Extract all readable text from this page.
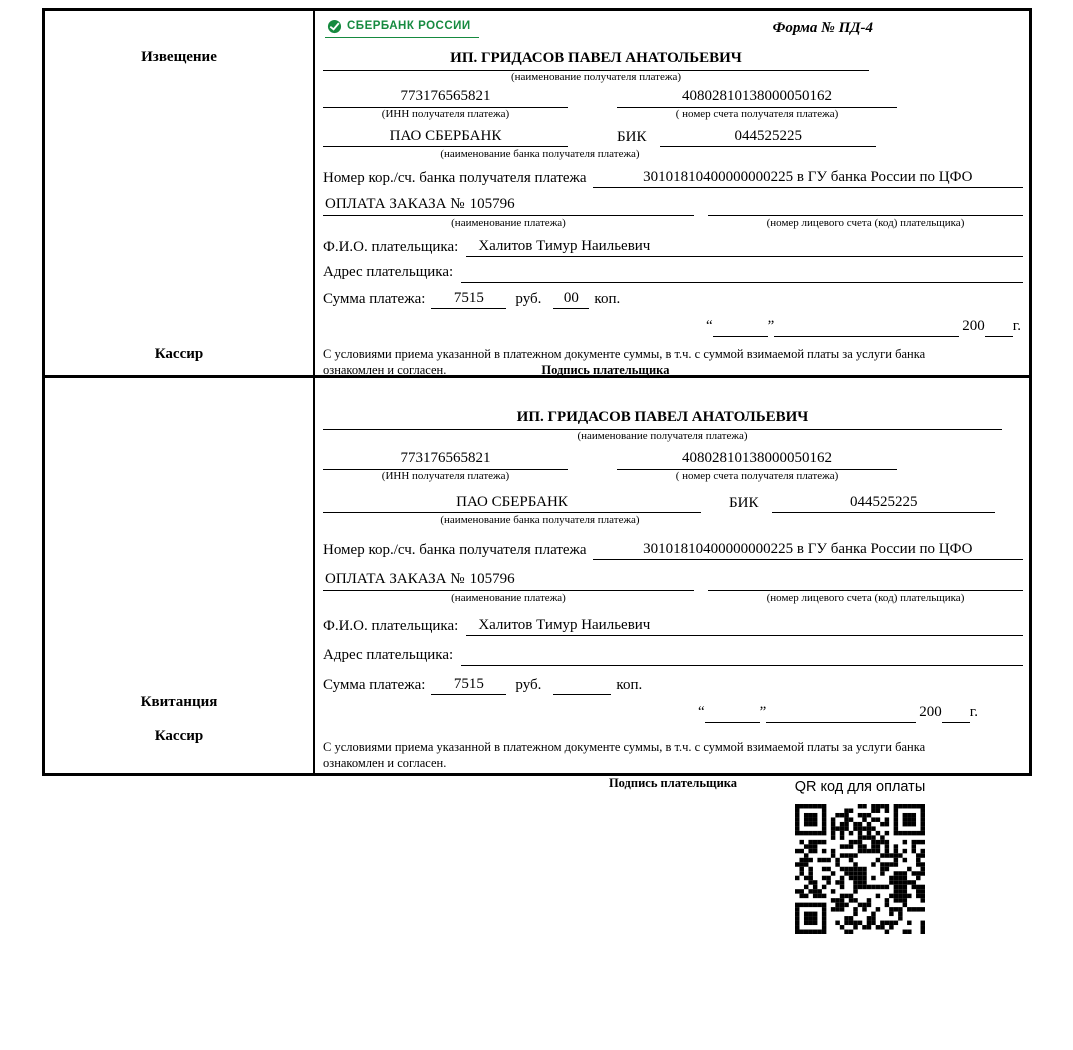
Извещение
Кассир
СБЕРБАНК РОССИИ	Форма № ПД-4
ИП. ГРИДАСОВ ПАВЕЛ АНАТОЛЬЕВИЧ
(наименование получателя платежа)
773176565821
(ИНН получателя платежа)
40802810138000050162
( номер счета получателя платежа)
ПАО СБЕРБАНК	БИК	044525225
(наименование банка получателя платежа)
Номер кор./сч. банка получателя платежа	30101810400000000225 в ГУ банка России по ЦФО
ОПЛАТА ЗАКАЗА № 105796
(наименование платежа)	(номер лицевого счета (код) плательщика)
Ф.И.О. плательщика:	Халитов Тимур Наильевич
Адрес плательщика:
Сумма платежа:	7515	руб.	00	коп.
“	”	200 г.
С условиями приема указанной в платежном документе суммы, в т.ч. с суммой взимаемой платы за услуги банка
ознакомлен и согласен.	Подпись плательщика
Квитанция
Кассир
ИП. ГРИДАСОВ ПАВЕЛ АНАТОЛЬЕВИЧ
(наименование получателя платежа)
773176565821
(ИНН получателя платежа)
40802810138000050162
( номер счета получателя платежа)
ПАО СБЕРБАНК	БИК	044525225
(наименование банка получателя платежа)
Номер кор./сч. банка получателя платежа	30101810400000000225 в ГУ банка России по ЦФО
ОПЛАТА ЗАКАЗА № 105796
(наименование платежа)	(номер лицевого счета (код) плательщика)
Ф.И.О. плательщика:	Халитов Тимур Наильевич
Адрес плательщика:
Сумма платежа:	7515	руб.	коп.
“	”	200 г.
С условиями приема указанной в платежном документе суммы, в т.ч. с суммой взимаемой платы за услуги банка
ознакомлен и согласен.
Подпись плательщика	QR код для оплаты
